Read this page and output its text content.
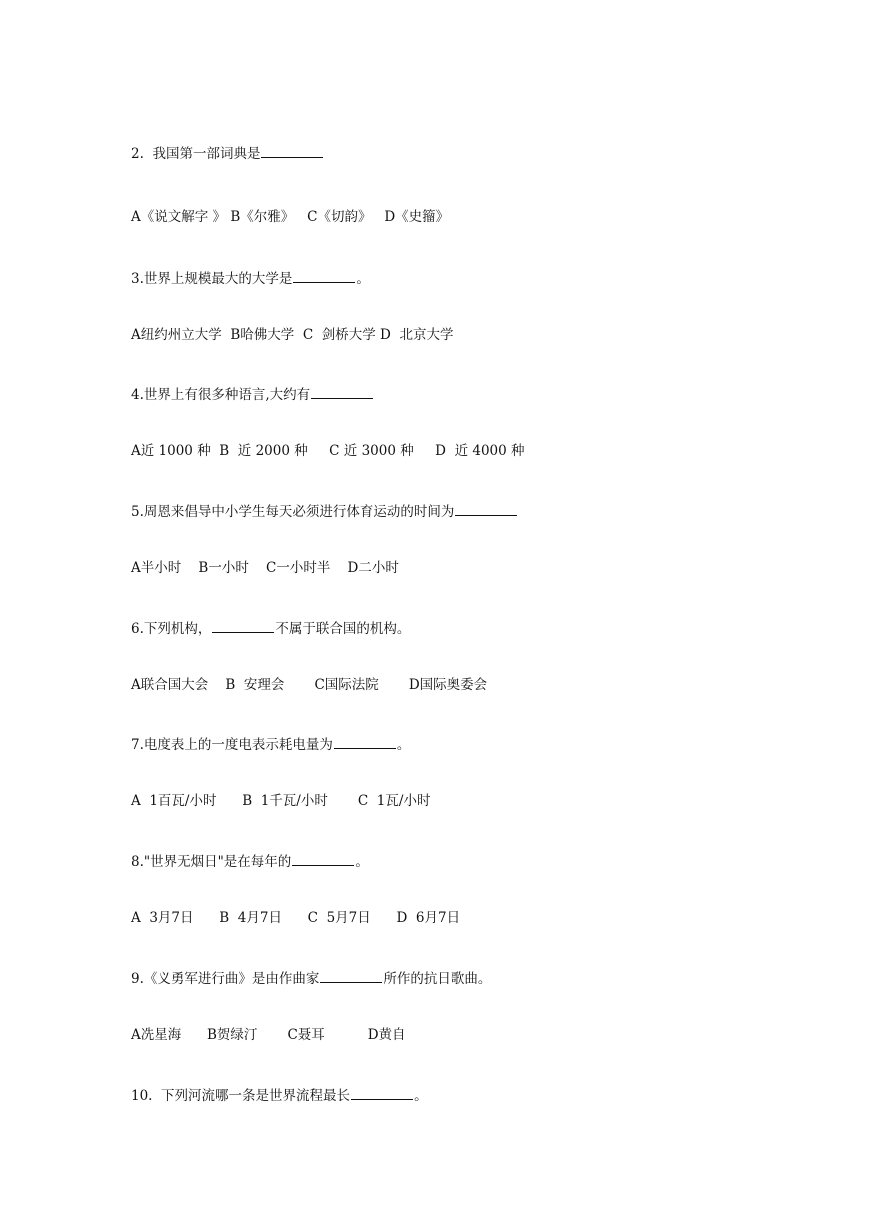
2.  我国第一部词典是
A《说文解字 》 B《尔雅》   C《切韵》   D《史籀》
3.世界上规模最大的大学是	。
A纽约州立大学  B哈佛大学  C  剑桥大学 D  北京大学
4.世界上有很多种语言,大约有
A近 1000 种  B  近 2000 种     C 近 3000 种     D  近 4000 种
5.周恩来倡导中小学生每天必须进行体育运动的时间为
A半小时    B一小时    C一小时半    D二小时
6.下列机构，	不属于联合国的机构。
A联合国大会    B  安理会       C国际法院       D国际奥委会
7.电度表上的一度电表示耗电量为	。
A  1百瓦/小时      B  1千瓦/小时       C  1瓦/小时
8."世界无烟日"是在每年的	。
A  3月7日      B  4月7日      C  5月7日      D  6月7日
9.《义勇军进行曲》是由作曲家	所作的抗日歌曲。
A冼星海      B贺绿汀       C聂耳          D黄自
10.  下列河流哪一条是世界流程最长	。
